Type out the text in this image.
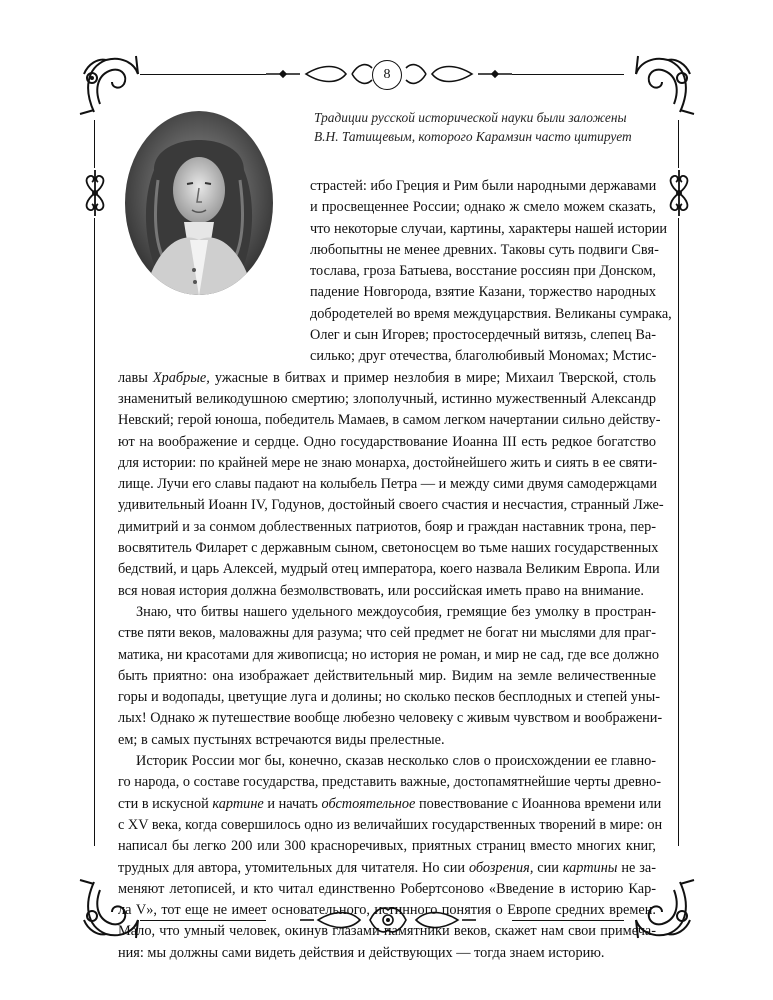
8
Традиции русской исторической науки были заложены
В.Н. Татищевым, которого Карамзин часто цитирует
страстей: ибо Греция и Рим были народными державами
и просвещеннее России; однако ж смело можем сказать,
что некоторые случаи, картины, характеры нашей истории
любопытны не менее древних. Таковы суть подвиги Свя-
тослава, гроза Батыева, восстание россиян при Донском,
падение Новгорода, взятие Казани, торжество народных
добродетелей во время междуцарствия. Великаны сумрака,
Олег и сын Игорев; простосердечный витязь, слепец Ва-
силько; друг отечества, благолюбивый Мономах; Мстис-
лавы Храбрые, ужасные в битвах и пример незлобия в мире; Михаил Тверской, столь
знаменитый великодушною смертию; злополучный, истинно мужественный Александр
Невский; герой юноша, победитель Мамаев, в самом легком начертании сильно действу-
ют на воображение и сердце. Одно государствование Иоанна III есть редкое богатство
для истории: по крайней мере не знаю монарха, достойнейшего жить и сиять в ее святи-
лище. Лучи его славы падают на колыбель Петра — и между сими двумя самодержцами
удивительный Иоанн IV, Годунов, достойный своего счастия и несчастия, странный Лже-
димитрий и за сонмом доблественных патриотов, бояр и граждан наставник трона, пер-
восвятитель Филарет с державным сыном, светоносцем во тьме наших государственных
бедствий, и царь Алексей, мудрый отец императора, коего назвала Великим Европа. Или
вся новая история должна безмолвствовать, или российская иметь право на внимание.
Знаю, что битвы нашего удельного междоусобия, гремящие без умолку в простран-
стве пяти веков, маловажны для разума; что сей предмет не богат ни мыслями для праг-
матика, ни красотами для живописца; но история не роман, и мир не сад, где все должно
быть приятно: она изображает действительный мир. Видим на земле величественные
горы и водопады, цветущие луга и долины; но сколько песков бесплодных и степей уны-
лых! Однако ж путешествие вообще любезно человеку с живым чувством и воображени-
ем; в самых пустынях встречаются виды прелестные.
Историк России мог бы, конечно, сказав несколько слов о происхождении ее главно-
го народа, о составе государства, представить важные, достопамятнейшие черты древно-
сти в искусной картине и начать обстоятельное повествование с Иоаннова времени или
с XV века, когда совершилось одно из величайших государственных творений в мире: он
написал бы легко 200 или 300 красноречивых, приятных страниц вместо многих книг,
трудных для автора, утомительных для читателя. Но сии обозрения, сии картины не за-
меняют летописей, и кто читал единственно Робертсоново «Введение в историю Кар-
ла V», тот еще не имеет основательного, истинного понятия о Европе средних времен.
Мало, что умный человек, окинув глазами памятники веков, скажет нам свои примеча-
ния: мы должны сами видеть действия и действующих — тогда знаем историю.
